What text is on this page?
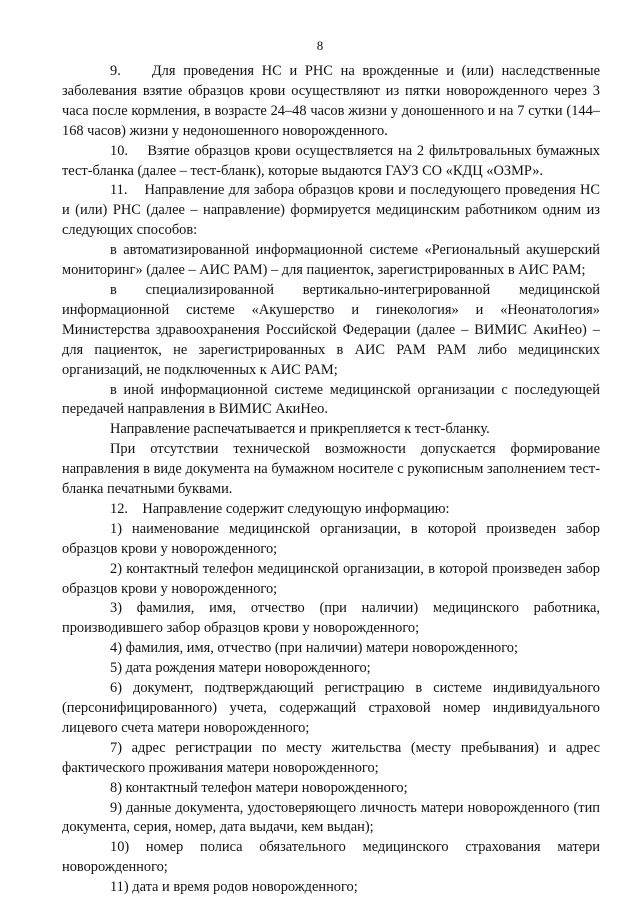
8

9.    Для проведения НС и РНС на врожденные и (или) наследственные заболевания взятие образцов крови осуществляют из пятки новорожденного через 3 часа после кормления, в возрасте 24–48 часов жизни у доношенного и на 7 сутки (144–168 часов) жизни у недоношенного новорожденного.

10.    Взятие образцов крови осуществляется на 2 фильтровальных бумажных тест-бланка (далее – тест-бланк), которые выдаются ГАУЗ СО «КДЦ «ОЗМР».

11.    Направление для забора образцов крови и последующего проведения НС и (или) РНС (далее – направление) формируется медицинским работником одним из следующих способов:

в автоматизированной информационной системе «Региональный акушерский мониторинг» (далее – АИС РАМ) – для пациенток, зарегистрированных в АИС РАМ;

в специализированной вертикально-интегрированной медицинской информационной системе «Акушерство и гинекология» и «Неонатология» Министерства здравоохранения Российской Федерации (далее – ВИМИС АкиНео) – для пациенток, не зарегистрированных в АИС РАМ РАМ либо медицинских организаций, не подключенных к АИС РАМ;

в иной информационной системе медицинской организации с последующей передачей направления в ВИМИС АкиНео.

Направление распечатывается и прикрепляется к тест-бланку.

При отсутствии технической возможности допускается формирование направления в виде документа на бумажном носителе с рукописным заполнением тест-бланка печатными буквами.

12.    Направление содержит следующую информацию:

1) наименование медицинской организации, в которой произведен забор образцов крови у новорожденного;

2) контактный телефон медицинской организации, в которой произведен забор образцов крови у новорожденного;

3) фамилия, имя, отчество (при наличии) медицинского работника, производившего забор образцов крови у новорожденного;

4) фамилия, имя, отчество (при наличии) матери новорожденного;

5) дата рождения матери новорожденного;

6) документ, подтверждающий регистрацию в системе индивидуального (персонифицированного) учета, содержащий страховой номер индивидуального лицевого счета матери новорожденного;

7) адрес регистрации по месту жительства (месту пребывания) и адрес фактического проживания матери новорожденного;

8) контактный телефон матери новорожденного;

9) данные документа, удостоверяющего личность матери новорожденного (тип документа, серия, номер, дата выдачи, кем выдан);

10) номер полиса обязательного медицинского страхования матери новорожденного;

11) дата и время родов новорожденного;
